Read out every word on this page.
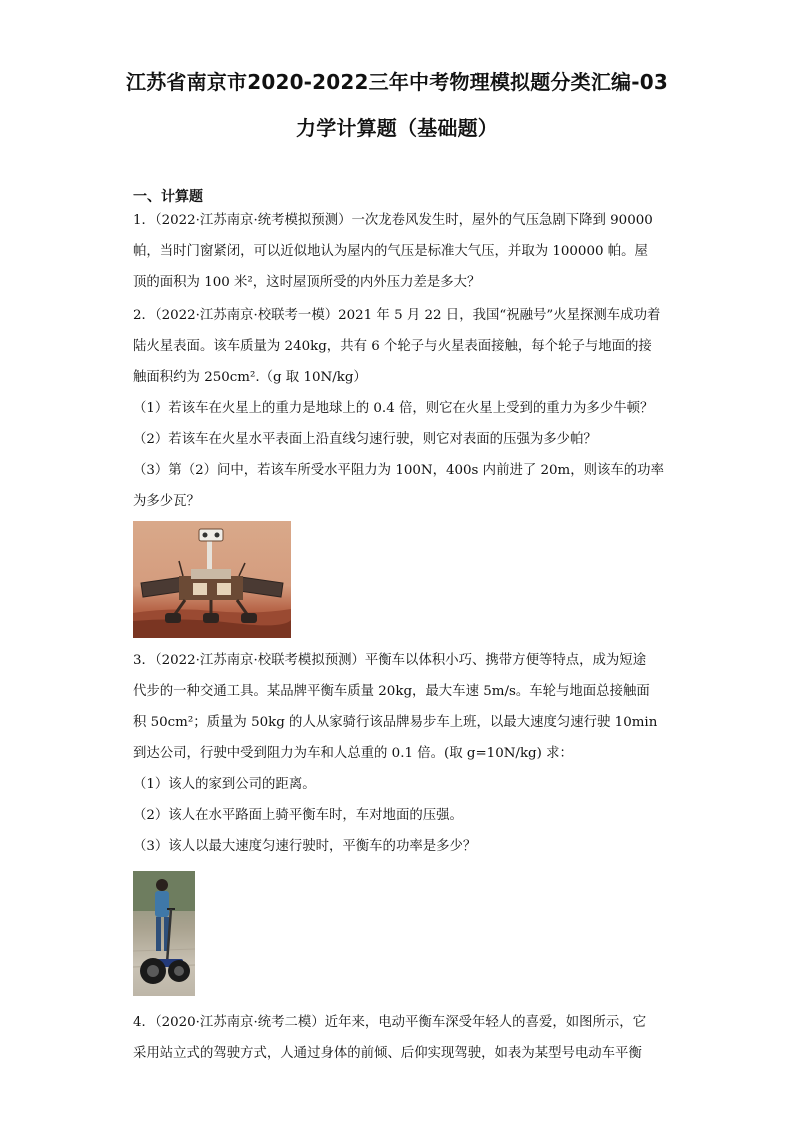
江苏省南京市2020-2022三年中考物理模拟题分类汇编-03
力学计算题（基础题）
一、计算题
1．（2022·江苏南京·统考模拟预测）一次龙卷风发生时，屋外的气压急剧下降到 90000
帕，当时门窗紧闭，可以近似地认为屋内的气压是标准大气压，并取为 100000 帕。屋
顶的面积为 100 米²，这时屋顶所受的内外压力差是多大？
2．（2022·江苏南京·校联考一模）2021 年 5 月 22 日，我国“祝融号”火星探测车成功着
陆火星表面。该车质量为 240kg，共有 6 个轮子与火星表面接触，每个轮子与地面的接
触面积约为 250cm².（g 取 10N/kg）
（1）若该车在火星上的重力是地球上的 0.4 倍，则它在火星上受到的重力为多少牛顿？
（2）若该车在火星水平表面上沿直线匀速行驶，则它对表面的压强为多少帕？
（3）第（2）问中，若该车所受水平阻力为 100N，400s 内前进了 20m，则该车的功率
为多少瓦？
3．（2022·江苏南京·校联考模拟预测）平衡车以体积小巧、携带方便等特点，成为短途
代步的一种交通工具。某品牌平衡车质量 20kg，最大车速 5m/s。车轮与地面总接触面
积 50cm²；质量为 50kg 的人从家骑行该品牌易步车上班，以最大速度匀速行驶 10min
到达公司，行驶中受到阻力为车和人总重的 0.1 倍。(取 g=10N/kg) 求：
（1）该人的家到公司的距离。
（2）该人在水平路面上骑平衡车时，车对地面的压强。
（3）该人以最大速度匀速行驶时，平衡车的功率是多少？
4．（2020·江苏南京·统考二模）近年来，电动平衡车深受年轻人的喜爱，如图所示，它
采用站立式的驾驶方式，人通过身体的前倾、后仰实现驾驶，如表为某型号电动车平衡
